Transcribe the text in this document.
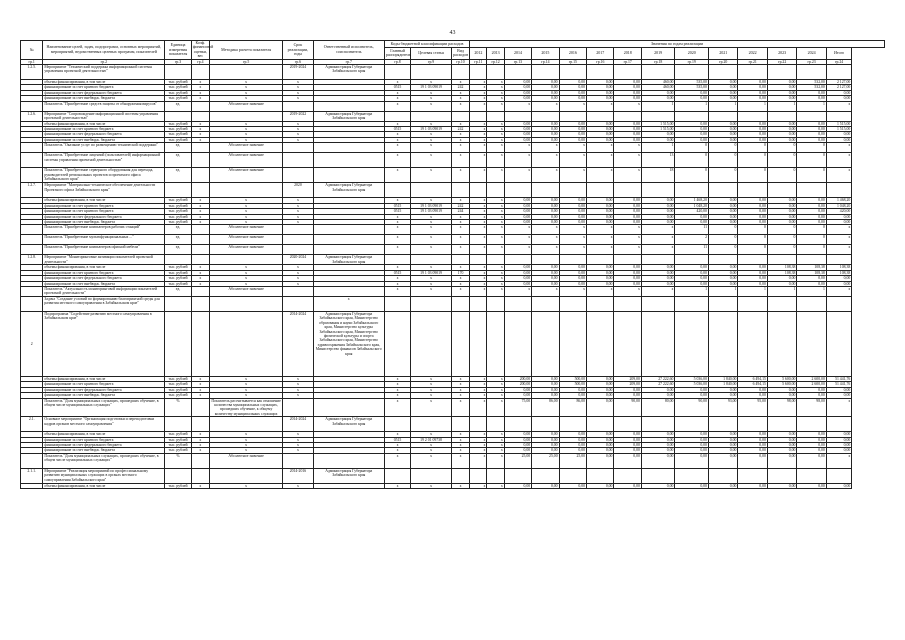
43
№	Наименование целей, задач, подпрограмм, основных мероприятий, мероприятий, ведомственных целевых программ, показателей	Единица измерения показателя	Коэф. финансовой оценки, вес	Методика расчета показателя	Срок реализации, годы	Ответственный исполнитель, соисполнитель	Коды бюджетной классификации расходов			Значения по годам реализации													
							Главный распорядитель	Целевая статья	Вид расходов	2012	2013	2014	2015	2016	2017	2018	2019	2020	2021	2022	2023	2024	Итого
гр.1	гр.2	гр.3	гр.4	гр.5	гр.6	гр.7	гр.8	гр.9	гр.10	гр.11	гр.12	гр.13	гр.14	гр.15	гр.16	гр.17	гр.18	гр.19	гр.20	гр.21	гр.22	гр.23	гр.24
1.2.5.	Мероприятие "Технический поддержка информационной системы управления проектной деятельностью"				2019-2024	Администрация Губернатора Забайкальского края																	
	объемы финансирования, в том числе	тыс. рублей	х	х	х		х	х	х	х	х	0,00	0,00	0,00	0,00	0,00	460,00	535,00	0,00	0,00	0,00	532,00	2 127,00
	финансирование за счет краевого бюджета	тыс. рублей	х	х	х		0515	19 1 03 09019	242	х	х	0,00	0,00	0,00	0,00	0,00	460,00	535,00	0,00	0,00	0,00	532,00	2 127,00
	финансирование за счет федерального бюджета	тыс. рублей	х	х	х		х	х	х	х	х	0,00	0,00	0,00	0,00	0,00	0,00	0,00	0,00	0,00	0,00	0,00	0,00
	финансирование за счет внебюдж. бюджета	тыс. рублей	х	х	х		х	х	х	х	х	0,00	0,00	0,00	0,00	0,00	0,00	0,00	0,00	0,00	0,00	0,00	0,00
	Показатель "Приобретение средств защиты от обнаружения вирусов"	ед.		Абсолютное значение			х	х	х	х	х	х	х	х	х	х	1	1	1	1	1	1	х
1.2.6.	Мероприятие "Сопровождение информационной системы управления проектной деятельностью"				2019-2022	Администрация Губернатора Забайкальского края																	
	объемы финансирования, в том числе	тыс. рублей	х	х	х		х	х	х	х	х	0,00	0,00	0,00	0,00	0,00	1 515,00	0,00	0,00	0,00	0,00	0,00	1 515,00
	финансирование за счет краевого бюджета	тыс. рублей	х	х	х		0515	19 1 03 09019	242	х	х	0,00	0,00	0,00	0,00	0,00	1 515,00	0,00	0,00	0,00	0,00	0,00	1 515,00
	финансирование за счет федерального бюджета	тыс. рублей	х	х	х		х	х	х	х	х	0,00	0,00	0,00	0,00	0,00	0,00	0,00	0,00	0,00	0,00	0,00	0,00
	финансирование за счет внебюдж. бюджета	тыс. рублей	х	х	х		х	х	х	х	х	0,00	0,00	0,00	0,00	0,00	0,00	0,00	0,00	0,00	0,00	0,00	0,00
	Показатель "Оказание услуг по размещению технической поддержки"	ед.		Абсолютное значение			х	х	х	х	х	х	х	х	х	х	1	0	0	0	0	0	х
	Показатель "Приобретение лицензий (пользователей) информационной системы управления проектной деятельностью"	ед.		Абсолютное значение			х	х	х	х	х	х	х	х	х	х	13	0	0	0	0	0	х
	Показатель "Приобретение серверного оборудования для перехода, руководителей региональных проектов и проектного офиса Забайкальского края"	ед.		Абсолютное значение			х	х	х	х	х	х	х	х	х	х	18	0	0	0	0	0	х
1.2.7.	Мероприятие "Материально-техническое обеспечение деятельности Проектного офиса Забайкальского края"				2020	Администрация Губернатора Забайкальского края																	
	объемы финансирования, в том числе	тыс. рублей	х	х	х		х	х	х	х	х	0,00	0,00	0,00	0,00	0,00	0,00	1 468,20	0,00	0,00	0,00	0,00	1 468,20
	финансирование за счет краевого бюджета	тыс. рублей	х	х	х		0515	19 1 03 09019	242	х	х	0,00	0,00	0,00	0,00	0,00	0,00	1 048,20	0,00	0,00	0,00	0,00	1 048,20
	финансирование за счет краевого бюджета	тыс. рублей	х	х	х		0515	19 1 03 09019	244	х	х	0,00	0,00	0,00	0,00	0,00	0,00	420,00	0,00	0,00	0,00	0,00	420,00
	финансирование за счет федерального бюджета	тыс. рублей	х	х	х		х	х	х	х	х	0,00	0,00	0,00	0,00	0,00	0,00	0,00	0,00	0,00	0,00	0,00	0,00
	финансирование за счет внебюдж. бюджета	тыс. рублей	х	х	х		х	х	х	х	х	0,00	0,00	0,00	0,00	0,00	0,00	0,00	0,00	0,00	0,00	0,00	0,00
	Показатель "Приобретение компьютеров рабочих станций"	ед.		Абсолютное значение			х	х	х	х	х	х	х	х	х	х	х	11	0	0	0	0	х
	Показатель "Приобретение мультифункциональных ..."	ед.		Абсолютное значение			х	х	х	х	х	х	х	х	х	х	х	2	0	0	0	0	х
	Показатель "Приобретение компьютеров офисной мебели"	ед.		Абсолютное значение			х	х	х	х	х	х	х	х	х	х	х	11	0	0	0	0	х
1.2.8.	Мероприятие "Мониторинговые активации показателей проектной деятельности"				2020-2024	Администрация Губернатора Забайкальского края																	
	объемы финансирования, в том числе	тыс. рублей	х	х	х		х	х	х	х	х	0,00	0,00	0,00	0,00	0,00	0,00	0,00	0,00	0,00	108,38	108,38	108,38
	финансирование за счет краевого бюджета	тыс. рублей	х	х	х		0515	19 1 03 09019	170	х	х	0,00	0,00	0,00	0,00	0,00	0,00	0,00	0,00	0,00	108,38	108,38	108,38
	финансирование за счет федерального бюджета	тыс. рублей	х	х	х		х	х	х	х	х	0,00	0,00	0,00	0,00	0,00	0,00	0,00	0,00	0,00	0,00	0,00	0,00
	финансирование за счет внебюдж. бюджета	тыс. рублей	х	х	х		х	х	х	х	х	0,00	0,00	0,00	0,00	0,00	0,00	0,00	0,00	0,00	0,00	0,00	0,00
	Показатель "Актуальность мониторинговой информации показателей проектной деятельности"	ед.		Абсолютное значение			х	х	х	х	х	х	х	х	х	х	х	1	1	1	1	1	х
	Задача "Создание условий по формированию благоприятной среды для развития местного самоуправления в Забайкальском крае"					х																	
2	Подпрограмма "Содействие развитию местного самоуправления в Забайкальском крае"				2014-2024	Администрация Губернатора Забайкальского края, Министерство образования и науки Забайкальского края, Министерство культуры Забайкальского края, Министерство физической культуры и спорта Забайкальского края, Министерство здравоохранения Забайкальского края, Министерство финансов Забайкальского края																	
	объемы финансирования, в том числе	тыс. рублей	х	х	х		х	х	х	х	х	200,00	0,00	500,00	0,00	209,00	27 222,60	5 036,00	1 840,00	6 494,15	5 600,00	2 600,00	51 441,76
	финансирование за счет краевого бюджета	тыс. рублей	х	х	х		х	х	х	х	х	200,00	0,00	500,00	0,00	209,00	27 222,60	5 036,00	1 840,00	6 494,15	5 600,00	2 600,00	51 441,76
	финансирование за счет федерального бюджета	тыс. рублей	х	х	х		х	х	х	х	х	0,00	0,00	0,00	0,00	0,00	0,00	0,00	0,00	0,00	0,00	0,00	0,00
	финансирование за счет внебюдж. бюджета	тыс. рублей	х	х	х		х	х	х	х	х	0,00	0,00	0,00	0,00	0,00	0,00	0,00	0,00	0,00	0,00	0,00	0,00
	Показатель "Доля муниципальных служащих, прошедших обучение, в общем числе муниципальных служащих"	%		Показатель рассчитывается как отношение количества муниципальных служащих, прошедших обучение, к общему количеству муниципальных служащих			х	х	х	х	х	75,00	86,00	86,00	0,00	90,00	80,00	90,00	93,00	95,00	98,00	98,00	х
2.1.	Основное мероприятие "Организация подготовки и переподготовки кадров органов местного самоуправления"				2014-2024	Администрация Губернатора Забайкальского края																	
	объемы финансирования, в том числе	тыс. рублей	х	х	х		х	х	х	х	х	0,00	0,00	0,00	0,00	0,00	0,00	0,00	0,00	0,00	0,00	0,00	0,00
	финансирование за счет краевого бюджета	тыс. рублей	х	х	х		0515	19 2 01 09738	х	х	х	0,00	0,00	0,00	0,00	0,00	0,00	0,00	0,00	0,00	0,00	0,00	0,00
	финансирование за счет федерального бюджета	тыс. рублей	х	х	х		х	х	х	х	х	0,00	0,00	0,00	0,00	0,00	0,00	0,00	0,00	0,00	0,00	0,00	0,00
	финансирование за счет внебюдж. бюджета	тыс. рублей	х	х	х		х	х	х	х	х	0,00	0,00	0,00	0,00	0,00	0,00	0,00	0,00	0,00	0,00	0,00	0,00
	Показатель "Доля муниципальных служащих, прошедших обучение, в общем числе муниципальных служащих"	%		Абсолютное значение			х	х	х	х	х	25,00	25,00	25,00	0,00	0,00	0,00	0,00	0,00	0,00	0,00	0,00	х
2.1.1.	Мероприятие "Реализация мероприятий по профессиональному развитию муниципальных служащих в органах местного самоуправления Забайкальского края"				2014-2016	Администрация Губернатора Забайкальского края																	
	объемы финансирования, в том числе	тыс. рублей	х	х	х		х	х	х	х	х	0,00	0,00	0,00	0,00	0,00	0,00	0,00	0,00	0,00	0,00	0,00	0,00
